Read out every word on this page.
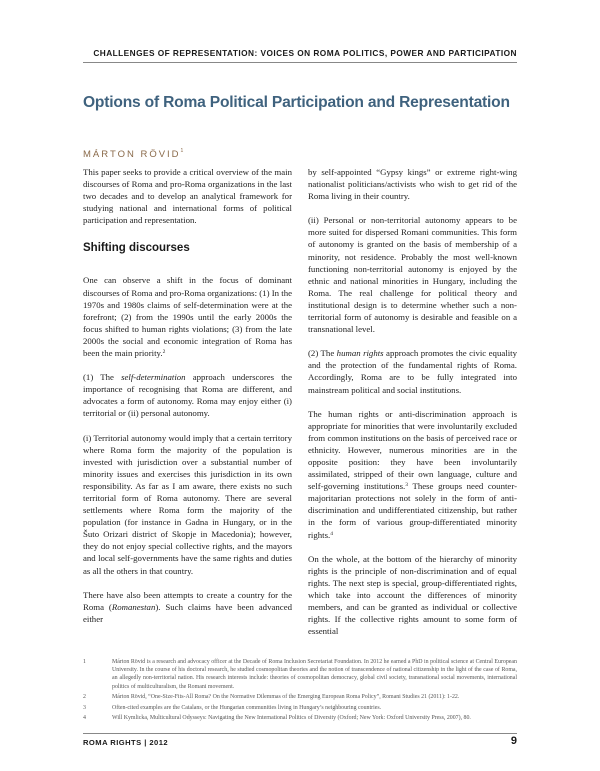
CHALLENGES OF REPRESENTATION: VOICES ON ROMA POLITICS, POWER AND PARTICIPATION
Options of Roma Political Participation and Representation
MÁRTON RÖVID$^1$

This paper seeks to provide a critical overview of the main discourses of Roma and pro-Roma organizations in the last two decades and to develop an analytical framework for studying national and international forms of political participation and representation.

Shifting discourses

One can observe a shift in the focus of dominant discourses of Roma and pro-Roma organizations: (1) In the 1970s and 1980s claims of self-determination were at the forefront; (2) from the 1990s until the early 2000s the focus shifted to human rights violations; (3) from the late 2000s the social and economic integration of Roma has been the main priority.$^2$

(1) The self-determination approach underscores the importance of recognising that Roma are different, and advocates a form of autonomy. Roma may enjoy either (i) territorial or (ii) personal autonomy.

(i) Territorial autonomy would imply that a certain territory where Roma form the majority of the population is invested with jurisdiction over a substantial number of minority issues and exercises this jurisdiction in its own responsibility. As far as I am aware, there exists no such territorial form of Roma autonomy. There are several settlements where Roma form the majority of the population (for instance in Gadna in Hungary, or in the Šuto Orizari district of Skopje in Macedonia); however, they do not enjoy special collective rights, and the mayors and local self-governments have the same rights and duties as all the others in that country.

There have also been attempts to create a country for the Roma (Romanestan). Such claims have been advanced either

by self-appointed “Gypsy kings” or extreme right-wing nationalist politicians/activists who wish to get rid of the Roma living in their country.

(ii) Personal or non-territorial autonomy appears to be more suited for dispersed Romani communities. This form of autonomy is granted on the basis of membership of a minority, not residence. Probably the most well-known functioning non-territorial autonomy is enjoyed by the ethnic and national minorities in Hungary, including the Roma. The real challenge for political theory and institutional design is to determine whether such a non-territorial form of autonomy is desirable and feasible on a transnational level.

(2) The human rights approach promotes the civic equality and the protection of the fundamental rights of Roma. Accordingly, Roma are to be fully integrated into mainstream political and social institutions.

The human rights or anti-discrimination approach is appropriate for minorities that were involuntarily excluded from common institutions on the basis of perceived race or ethnicity. However, numerous minorities are in the opposite position: they have been involuntarily assimilated, stripped of their own language, culture and self-governing institutions.$^3$ These groups need counter-majoritarian protections not solely in the form of anti-discrimination and undifferentiated citizenship, but rather in the form of various group-differentiated minority rights.$^4$

On the whole, at the bottom of the hierarchy of minority rights is the principle of non-discrimination and of equal rights. The next step is special, group-differentiated rights, which take into account the differences of minority members, and can be granted as individual or collective rights. If the collective rights amount to some form of essential

1	Márton Rövid is a research and advocacy officer at the Decade of Roma Inclusion Secretariat Foundation. In 2012 he earned a PhD in political science at Central European University. In the course of his doctoral research, he studied cosmopolitan theories and the notion of transcendence of national citizenship in the light of the case of Roma, an allegedly non-territorial nation. His research interests include: theories of cosmopolitan democracy, global civil society, transnational social movements, international politics of multiculturalism, the Romani movement.
2	Márton Rövid, “One-Size-Fits-All Roma? On the Normative Dilemmas of the Emerging European Roma Policy”, Romani Studies 21 (2011): 1-22.
3	Often-cited examples are the Catalans, or the Hungarian communities living in Hungary’s neighbouring countries.
4	Will Kymlicka, Multicultural Odysseys: Navigating the New International Politics of Diversity (Oxford; New York: Oxford University Press, 2007), 80.
ROMA RIGHTS | 2012	9
